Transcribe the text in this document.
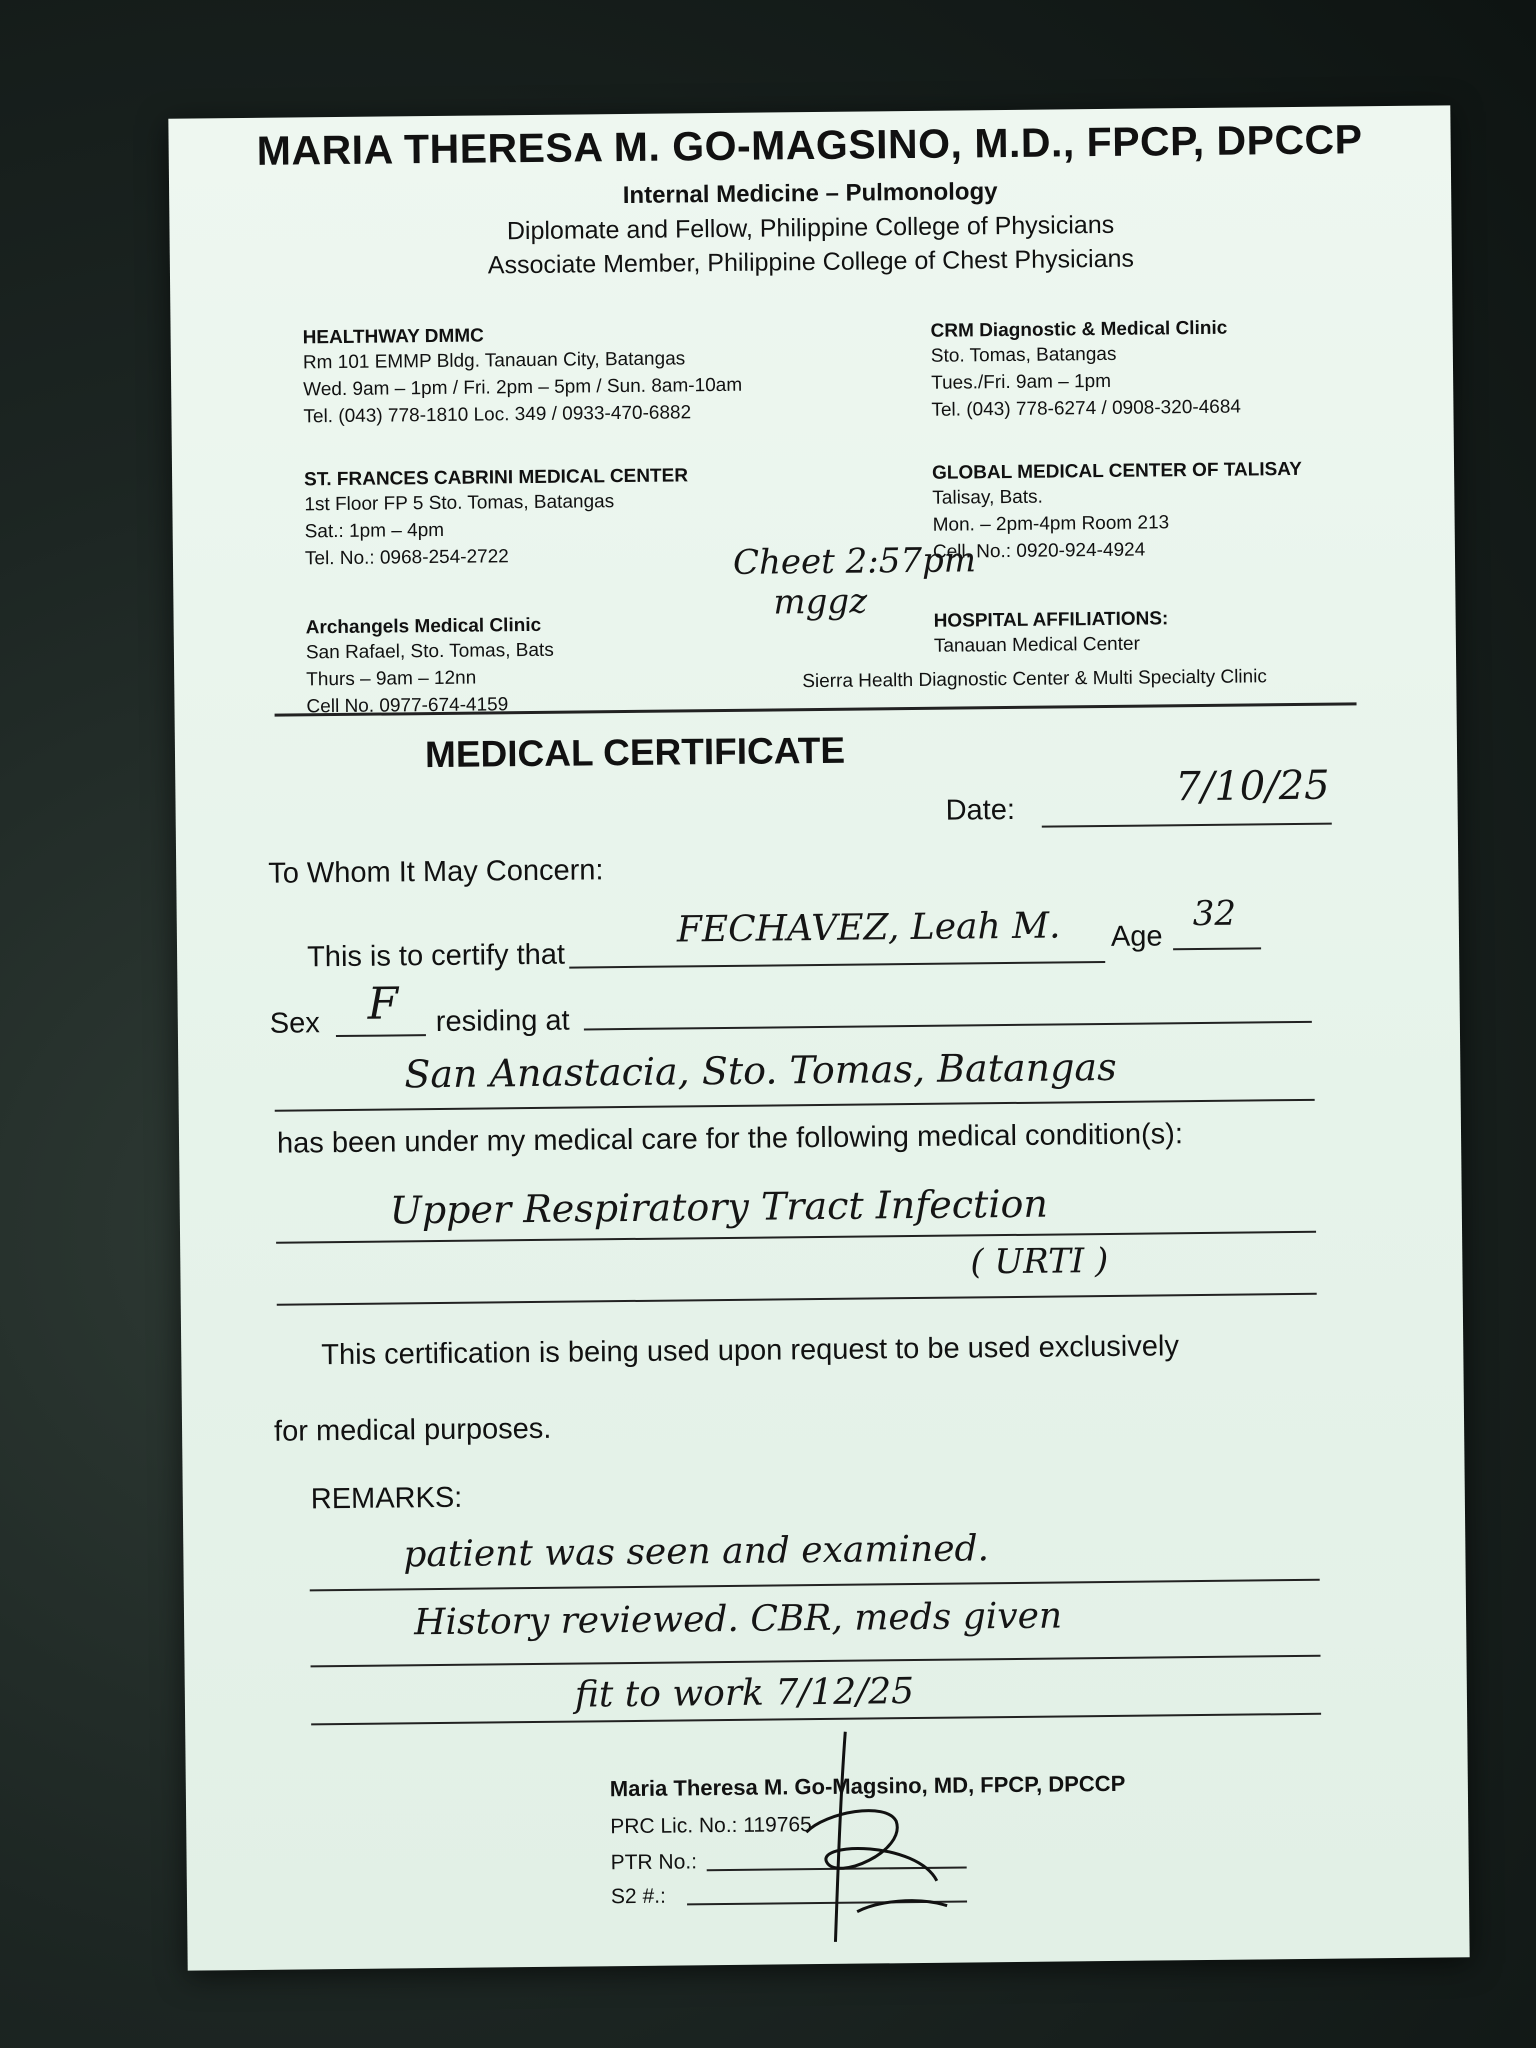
MARIA THERESA M. GO-MAGSINO, M.D., FPCP, DPCCP
Internal Medicine – Pulmonology
Diplomate and Fellow, Philippine College of Physicians
Associate Member, Philippine College of Chest Physicians
HEALTHWAY DMMC
Rm 101 EMMP Bldg. Tanauan City, Batangas
Wed. 9am – 1pm / Fri. 2pm – 5pm / Sun. 8am-10am
Tel. (043) 778-1810 Loc. 349 / 0933-470-6882
CRM Diagnostic & Medical Clinic
Sto. Tomas, Batangas
Tues./Fri. 9am – 1pm
Tel. (043) 778-6274 / 0908-320-4684
ST. FRANCES CABRINI MEDICAL CENTER
1st Floor FP 5 Sto. Tomas, Batangas
Sat.: 1pm – 4pm
Tel. No.: 0968-254-2722
GLOBAL MEDICAL CENTER OF TALISAY
Talisay, Bats.
Mon. – 2pm-4pm Room 213
Cell. No.: 0920-924-4924
Archangels Medical Clinic
San Rafael, Sto. Tomas, Bats
Thurs – 9am – 12nn
Cell No. 0977-674-4159
HOSPITAL AFFILIATIONS:
Tanauan Medical Center
Sierra Health Diagnostic Center & Multi Specialty Clinic
Cheet 2:57pm
mggz
MEDICAL CERTIFICATE
Date:
7/10/25
To Whom It May Concern:
This is to certify that
FECHAVEZ, Leah M. Age
32
Sex F residing at
San Anastacia, Sto. Tomas, Batangas
has been under my medical care for the following medical condition(s):
Upper Respiratory Tract Infection
( URTI )
This certification is being used upon request to be used exclusively
for medical purposes.
REMARKS:
patient was seen and examined.
History reviewed. CBR, meds given
fit to work 7/12/25
Maria Theresa M. Go-Magsino, MD, FPCP, DPCCP
PRC Lic. No.: 119765
PTR No.:
S2 #.:
